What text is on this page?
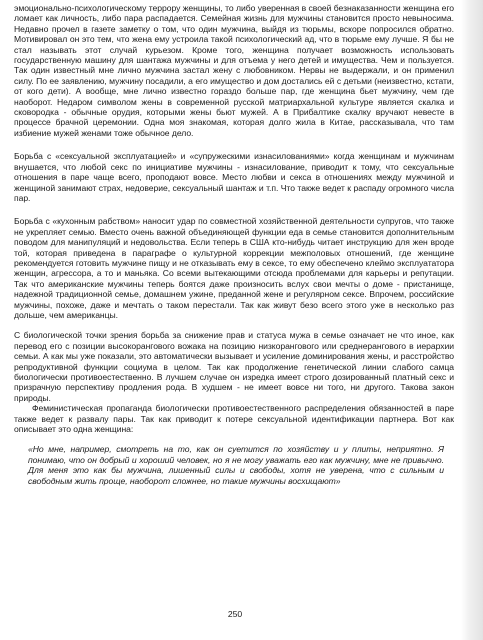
эмоционально-психологическому террору женщины, то либо уверенная в своей безнаказанности женщина его ломает как личность, либо пара распадается. Семейная жизнь для мужчины становится просто невыносима. Недавно прочел в газете заметку о том, что один мужчина, выйдя из тюрьмы, вскоре попросился обратно. Мотивировал он это тем, что жена ему устроила такой психологический ад, что в тюрьме ему лучше. Я бы не стал называть этот случай курьезом. Кроме того, женщина получает возможность использовать государственную машину для шантажа мужчины и для отъема у него детей и имущества. Чем и пользуется. Так один известный мне лично мужчина застал жену с любовником. Нервы не выдержали, и он применил силу. По ее заявлению, мужчину посадили, а его имущество и дом достались ей с детьми (неизвестно, кстати, от кого дети). А вообще, мне лично известно гораздо больше пар, где женщина бьет мужчину, чем где наоборот. Недаром символом жены в современной русской матриархальной культуре является скалка и сковородка - обычные орудия, которыми жены бьют мужей. А в Прибалтике скалку вручают невесте в процессе брачной церемонии. Одна моя знакомая, которая долго жила в Китае, рассказывала, что там избиение мужей женами тоже обычное дело.

Борьба с «сексуальной эксплуатацией» и «супружескими изнасилованиями» когда женщинам и мужчинам внушается, что любой секс по инициативе мужчины - изнасилование, приводит к тому, что сексуальные отношения в паре чаще всего, проподают вовсе. Место любви и секса в отношениях между мужчиной и женщиной занимают страх, недоверие, сексуальный шантаж и т.п. Что также ведет к распаду огромного числа пар.

Борьба с «кухонным рабством» наносит удар по совместной хозяйственной деятельности супругов, что также не укрепляет семью. Вместо очень важной объединяющей функции еда в семье становится дополнительным поводом для манипуляций и недовольства. Если теперь в США кто-нибудь читает инструкцию для жен вроде той, которая приведена в параграфе о культурной коррекции межполовых отношений, где женщине рекомендуется готовить мужчине пищу и не отказывать ему в сексе, то ему обеспечено клеймо эксплуататора женщин, агрессора, а то и маньяка. Со всеми вытекающими отсюда проблемами для карьеры и репутации. Так что американские мужчины теперь боятся даже произносить вслух свои мечты о доме - пристанище, надежной традиционной семье, домашнем ужине, преданной жене и регулярном сексе. Впрочем, российские мужчины, похоже, даже и мечтать о таком перестали. Так как живут безо всего этого уже в несколько раз дольше, чем американцы.

С биологической точки зрения борьба за снижение прав и статуса мужа в семье означает не что иное, как перевод его с позиции высокорангового вожака на позицию низкорангового или среднерангового в иерархии семьи. А как мы уже показали, это автоматически вызывает и усиление доминирования жены, и расстройство репродуктивной функции социума в целом. Так как продолжение генетической линии слабого самца биологически противоестественно. В лучшем случае он изредка имеет строго дозированный платный секс и призрачную перспективу продления рода. В худшем - не имеет вовсе ни того, ни другого. Такова закон природы.

Феминистическая пропаганда биологически противоестественного распределения обязанностей в паре также ведет к развалу пары. Так как приводит к потере сексуальной идентификации партнера. Вот как описывает это одна женщина:

«Но мне, например, смотреть на то, как он суетится по хозяйству и у плиты, неприятно. Я понимаю, что он добрый и хороший человек, но я не могу уважать его как мужчину, мне не привычно. Для меня это как бы мужчина, лишенный силы и свободы, хотя не уверена, что с сильным и свободным жить проще, наоборот сложнее, но такие мужчины восхищают»

250
